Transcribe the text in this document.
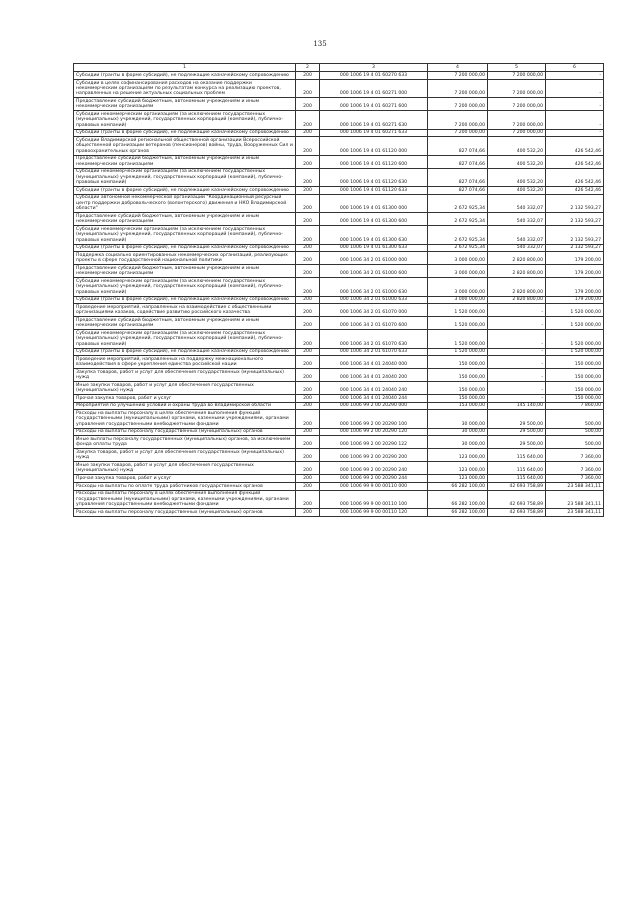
135
1	2	3	4	5	6
Субсидии (гранты в форме субсидий), не подлежащие казначейскому сопровождению	200	000 1006 19 4 01 60270 633	7 200 000,00	7 200 000,00	-
Субсидии в целях софинансирования расходов на оказание поддержки некоммерческим организациям по результатам конкурса на реализацию проектов, направленных на решение актуальных социальных проблем	200	000 1006 19 4 01 60271 000	7 200 000,00	7 200 000,00	-
Предоставление субсидий бюджетным, автономным учреждениям и иным некоммерческим организациям	200	000 1006 19 4 01 60271 600	7 200 000,00	7 200 000,00	-
Субсидии некоммерческим организациям (за исключением государственных (муниципальных) учреждений, государственных корпораций (компаний), публично-правовых компаний)	200	000 1006 19 4 01 60271 630	7 200 000,00	7 200 000,00	-
Субсидии (гранты в форме субсидий), не подлежащие казначейскому сопровождению	200	000 1006 19 4 01 60271 633	7 200 000,00	7 200 000,00	-
Субсидии Владимирской региональной общественной организации Всероссийской общественной организации ветеранов (пенсионеров) войны, труда, Вооруженных Сил и правоохранительных органов	200	000 1006 19 4 01 61120 000	827 074,66	400 532,20	426 542,46
Предоставление субсидий бюджетным, автономным учреждениям и иным некоммерческим организациям	200	000 1006 19 4 01 61120 600	827 074,66	400 532,20	426 542,46
Субсидии некоммерческим организациям (за исключением государственных (муниципальных) учреждений, государственных корпораций (компаний), публично-правовых компаний)	200	000 1006 19 4 01 61120 630	827 074,66	400 532,20	426 542,46
Субсидии (гранты в форме субсидий), не подлежащие казначейскому сопровождению	200	000 1006 19 4 01 61120 633	827 074,66	400 532,20	426 542,46
Субсидии автономной некоммерческой организации "Координационный ресурсный центр поддержки добровольческого (волонтерского) движения и НКО Владимирской области"	200	000 1006 19 4 01 61300 000	2 672 925,34	540 332,07	2 132 593,27
Предоставление субсидий бюджетным, автономным учреждениям и иным некоммерческим организациям	200	000 1006 19 4 01 61300 600	2 672 925,34	540 332,07	2 132 593,27
Субсидии некоммерческим организациям (за исключением государственных (муниципальных) учреждений, государственных корпораций (компаний), публично-правовых компаний)	200	000 1006 19 4 01 61300 630	2 672 925,34	540 332,07	2 132 593,27
Субсидии (гранты в форме субсидий), не подлежащие казначейскому сопровождению	200	000 1006 19 4 01 61300 633	2 672 925,34	540 332,07	2 132 593,27
Поддержка социально ориентированных некоммерческих организаций, реализующих проекты в сфере государственной национальной политики	200	000 1006 34 2 01 61000 000	3 000 000,00	2 820 800,00	179 200,00
Предоставление субсидий бюджетным, автономным учреждениям и иным некоммерческим организациям	200	000 1006 34 2 01 61000 600	3 000 000,00	2 820 800,00	179 200,00
Субсидии некоммерческим организациям (за исключением государственных (муниципальных) учреждений, государственных корпораций (компаний), публично-правовых компаний)	200	000 1006 34 2 01 61000 630	3 000 000,00	2 820 800,00	179 200,00
Субсидии (гранты в форме субсидий), не подлежащие казначейскому сопровождению	200	000 1006 34 2 01 61000 633	3 000 000,00	2 820 800,00	179 200,00
Проведение мероприятий, направленных на взаимодействие с общественными организациями казаков, содействие развитию российского казачества	200	000 1006 34 2 01 61070 000	1 520 000,00	-	1 520 000,00
Предоставление субсидий бюджетным, автономным учреждениям и иным некоммерческим организациям	200	000 1006 34 2 01 61070 600	1 520 000,00	-	1 520 000,00
Субсидии некоммерческим организациям (за исключением государственных (муниципальных) учреждений, государственных корпораций (компаний), публично-правовых компаний)	200	000 1006 34 2 01 61070 630	1 520 000,00	-	1 520 000,00
Субсидии (гранты в форме субсидий), не подлежащие казначейскому сопровождению	200	000 1006 34 2 01 61070 633	1 520 000,00	-	1 520 000,00
Проведение мероприятий, направленных на поддержку межнационального взаимодействия в сфере укрепления единства российской нации	200	000 1006 34 4 01 24040 000	150 000,00	-	150 000,00
Закупка товаров, работ и услуг для обеспечения государственных (муниципальных) нужд	200	000 1006 34 4 01 24040 200	150 000,00	-	150 000,00
Иные закупки товаров, работ и услуг для обеспечения государственных (муниципальных) нужд	200	000 1006 34 4 01 24040 240	150 000,00	-	150 000,00
Прочая закупка товаров, работ и услуг	200	000 1006 34 4 01 24040 244	150 000,00	-	150 000,00
Мероприятия по улучшению условий и охраны труда во Владимирской области	200	000 1006 99 2 00 20290 000	153 000,00	145 140,00	7 860,00
Расходы на выплаты персоналу в целях обеспечения выполнения функций государственными (муниципальными) органами, казенными учреждениями, органами управления государственными внебюджетными фондами	200	000 1006 99 2 00 20290 100	30 000,00	29 500,00	500,00
Расходы на выплаты персоналу государственных (муниципальных) органов	200	000 1006 99 2 00 20290 120	30 000,00	29 500,00	500,00
Иные выплаты персоналу государственных (муниципальных) органов, за исключением фонда оплаты труда	200	000 1006 99 2 00 20290 122	30 000,00	29 500,00	500,00
Закупка товаров, работ и услуг для обеспечения государственных (муниципальных) нужд	200	000 1006 99 2 00 20290 200	123 000,00	115 640,00	7 360,00
Иные закупки товаров, работ и услуг для обеспечения государственных (муниципальных) нужд	200	000 1006 99 2 00 20290 240	123 000,00	115 640,00	7 360,00
Прочая закупка товаров, работ и услуг	200	000 1006 99 2 00 20290 244	123 000,00	115 640,00	7 360,00
Расходы на выплаты по оплате труда работников государственных органов	200	000 1006 99 9 00 00110 000	66 282 100,00	42 693 758,89	23 588 341,11
Расходы на выплаты персоналу в целях обеспечения выполнения функций государственными (муниципальными) органами, казенными учреждениями, органами управления государственными внебюджетными фондами	200	000 1006 99 9 00 00110 100	66 282 100,00	42 693 758,89	23 588 341,11
Расходы на выплаты персоналу государственных (муниципальных) органов	200	000 1006 99 9 00 00110 120	66 282 100,00	42 693 758,89	23 588 341,11
